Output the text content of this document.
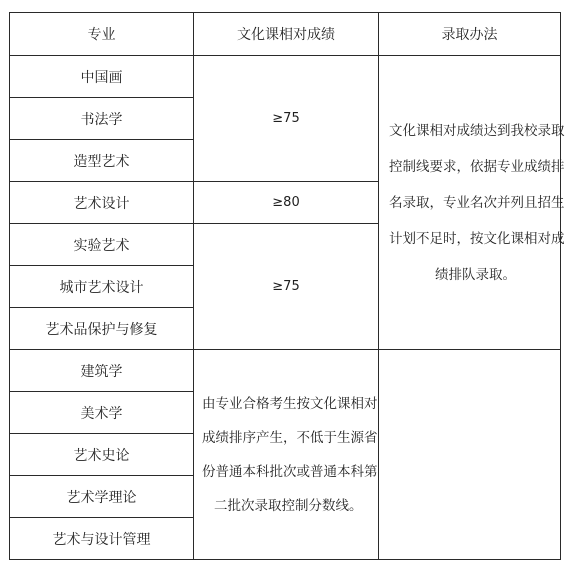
专业	文化课相对成绩	录取办法
中国画	≥75	文化课相对成绩达到我校录取
控制线要求，依据专业成绩排
名录取，专业名次并列且招生
计划不足时，按文化课相对成
绩排队录取。

书法学		
造型艺术		
艺术设计	≥80	
实验艺术	≥75	
城市艺术设计		
艺术品保护与修复		
建筑学	由专业合格考生按文化课相对
成绩排序产生，不低于生源省
份普通本科批次或普通本科第
二批次录取控制分数线。	

美术学		
艺术史论		
艺术学理论		
艺术与设计管理		
